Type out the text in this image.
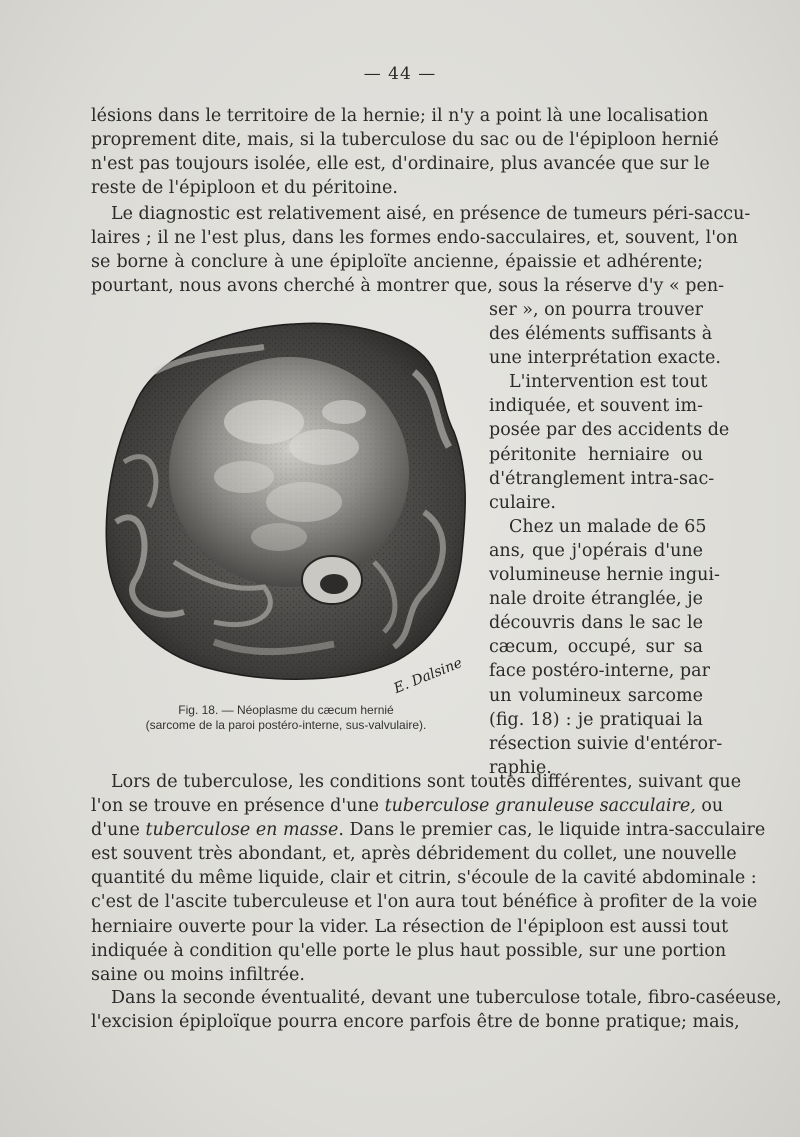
— 44 —
lésions dans le territoire de la hernie; il n'y a point là une localisation
proprement dite, mais, si la tuberculose du sac ou de l'épiploon hernié
n'est pas toujours isolée, elle est, d'ordinaire, plus avancée que sur le
reste de l'épiploon et du péritoine.
Le diagnostic est relativement aisé, en présence de tumeurs péri-saccu-
laires ; il ne l'est plus, dans les formes endo-sacculaires, et, souvent, l'on
se borne à conclure à une épiploïte ancienne, épaissie et adhérente;
pourtant, nous avons cherché à montrer que, sous la réserve d'y « pen-
ser », on pourra trouver
des éléments suffisants à
une interprétation exacte.
L'intervention est tout
indiquée, et souvent im-
posée par des accidents de
péritonite herniaire ou
d'étranglement intra-sac-
culaire.
Chez un malade de 65
ans, que j'opérais d'une
volumineuse hernie ingui-
nale droite étranglée, je
découvris dans le sac le
cæcum, occupé, sur sa
face postéro-interne, par
un volumineux sarcome
(fig. 18) : je pratiquai la
résection suivie d'entéror-
raphie.
E. Dalsine
Fig. 18. — Néoplasme du cæcum hernié
(sarcome de la paroi postéro-interne, sus-valvulaire).
Lors de tuberculose, les conditions sont toutes différentes, suivant que
l'on se trouve en présence d'une tuberculose granuleuse sacculaire, ou
d'une tuberculose en masse. Dans le premier cas, le liquide intra-sacculaire
est souvent très abondant, et, après débridement du collet, une nouvelle
quantité du même liquide, clair et citrin, s'écoule de la cavité abdominale :
c'est de l'ascite tuberculeuse et l'on aura tout bénéfice à profiter de la voie
herniaire ouverte pour la vider. La résection de l'épiploon est aussi tout
indiquée à condition qu'elle porte le plus haut possible, sur une portion
saine ou moins infiltrée.
Dans la seconde éventualité, devant une tuberculose totale, fibro-caséeuse,
l'excision épiploïque pourra encore parfois être de bonne pratique; mais,
